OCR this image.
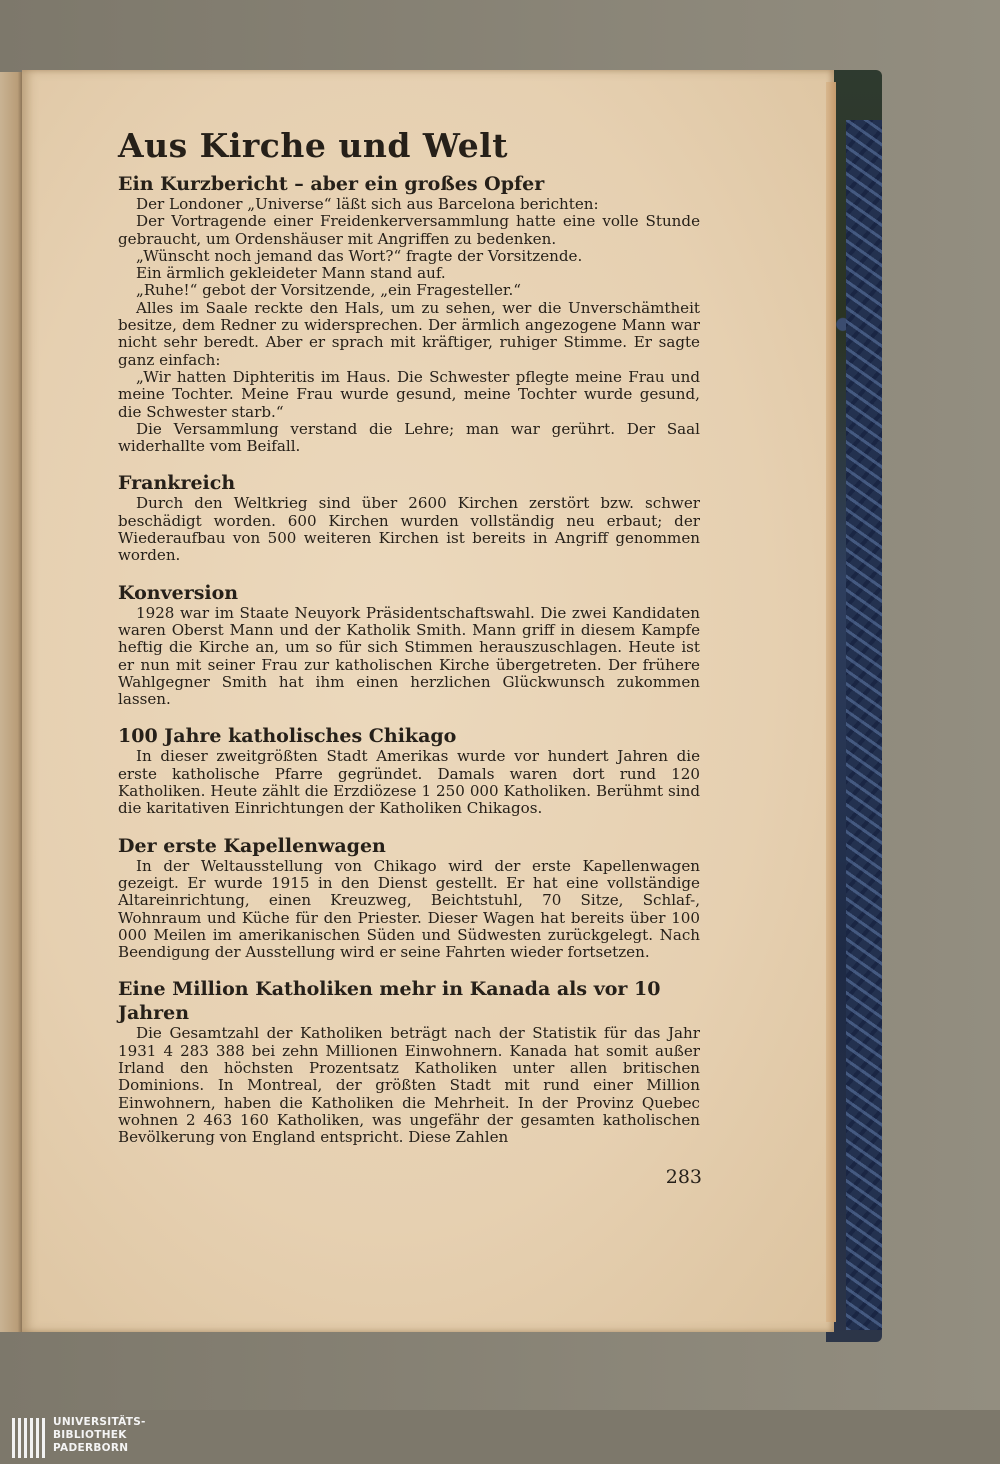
Aus Kirche und Welt
Ein Kurzbericht – aber ein großes Opfer

Der Londoner „Universe“ läßt sich aus Barcelona berichten:

Der Vortragende einer Freidenkerversammlung hatte eine volle Stunde gebraucht, um Ordenshäuser mit Angriffen zu bedenken.

„Wünscht noch jemand das Wort?“ fragte der Vorsitzende.

Ein ärmlich gekleideter Mann stand auf.

„Ruhe!“ gebot der Vorsitzende, „ein Fragesteller.“

Alles im Saale reckte den Hals, um zu sehen, wer die Unverschämtheit besitze, dem Redner zu widersprechen. Der ärmlich angezogene Mann war nicht sehr beredt. Aber er sprach mit kräftiger, ruhiger Stimme. Er sagte ganz einfach:

„Wir hatten Diphteritis im Haus. Die Schwester pflegte meine Frau und meine Tochter. Meine Frau wurde gesund, meine Tochter wurde gesund, die Schwester starb.“

Die Versammlung verstand die Lehre; man war gerührt. Der Saal widerhallte vom Beifall.

Frankreich

Durch den Weltkrieg sind über 2600 Kirchen zerstört bzw. schwer beschädigt worden. 600 Kirchen wurden vollständig neu erbaut; der Wiederaufbau von 500 weiteren Kirchen ist bereits in Angriff genommen worden.

Konversion

1928 war im Staate Neuyork Präsidentschaftswahl. Die zwei Kandidaten waren Oberst Mann und der Katholik Smith. Mann griff in diesem Kampfe heftig die Kirche an, um so für sich Stimmen herauszuschlagen. Heute ist er nun mit seiner Frau zur katholischen Kirche übergetreten. Der frühere Wahlgegner Smith hat ihm einen herzlichen Glückwunsch zukommen lassen.

100 Jahre katholisches Chikago

In dieser zweitgrößten Stadt Amerikas wurde vor hundert Jahren die erste katholische Pfarre gegründet. Damals waren dort rund 120 Katholiken. Heute zählt die Erzdiözese 1 250 000 Katholiken. Berühmt sind die karitativen Einrichtungen der Katholiken Chikagos.

Der erste Kapellenwagen

In der Weltausstellung von Chikago wird der erste Kapellenwagen gezeigt. Er wurde 1915 in den Dienst gestellt. Er hat eine vollständige Altareinrichtung, einen Kreuzweg, Beichtstuhl, 70 Sitze, Schlaf-, Wohnraum und Küche für den Priester. Dieser Wagen hat bereits über 100 000 Meilen im amerikanischen Süden und Südwesten zurückgelegt. Nach Beendigung der Ausstellung wird er seine Fahrten wieder fortsetzen.

Eine Million Katholiken mehr in Kanada als vor 10 Jahren

Die Gesamtzahl der Katholiken beträgt nach der Statistik für das Jahr 1931 4 283 388 bei zehn Millionen Einwohnern. Kanada hat somit außer Irland den höchsten Prozentsatz Katholiken unter allen britischen Dominions. In Montreal, der größten Stadt mit rund einer Million Einwohnern, haben die Katholiken die Mehrheit. In der Provinz Quebec wohnen 2 463 160 Katholiken, was ungefähr der gesamten katholischen Bevölkerung von England entspricht. Diese Zahlen

283
UNIVERSITÄTS-
BIBLIOTHEK
PADERBORN
